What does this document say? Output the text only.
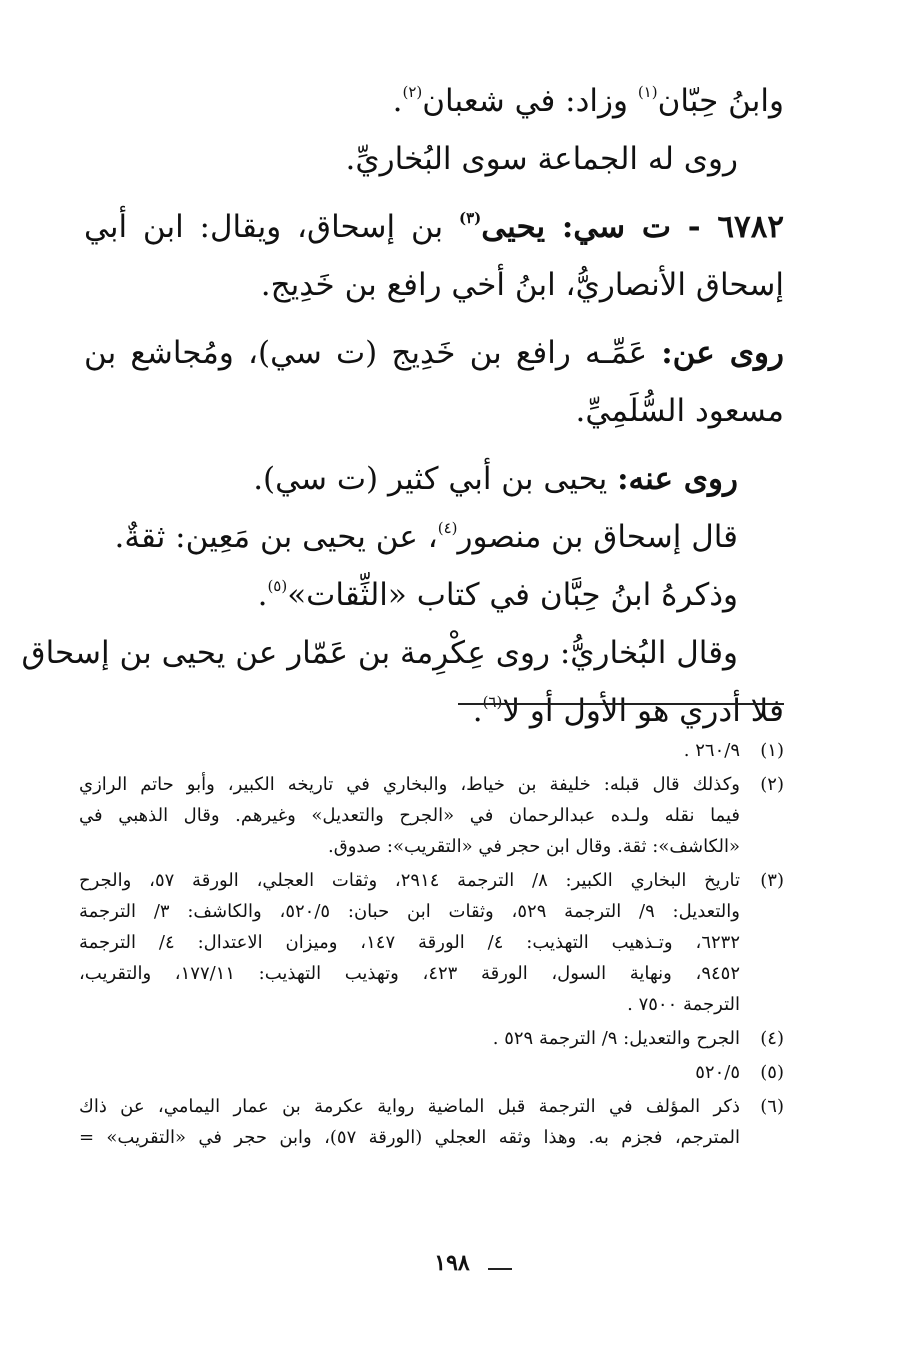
وابنُ حِبّان$^{(١)}$ وزاد: في شعبان$^{(٢)}$.
روى له الجماعة سوى البُخاريِّ.
٦٧٨٢ - ت سي: يحيى$^{(٣)}$ بن إسحاق، ويقال: ابن أبي
إسحاق الأنصاريُّ، ابنُ أخي رافع بن خَدِيج.
روى عن: عَمِّـه رافع بن خَدِيج (ت سي)، ومُجاشع بن
مسعود السُّلَمِيِّ.
روى عنه: يحيى بن أبي كثير (ت سي).
قال إسحاق بن منصور$^{(٤)}$، عن يحيى بن مَعِين: ثقةٌ.
وذكرهُ ابنُ حِبَّان في كتاب «الثِّقات»$^{(٥)}$.
وقال البُخاريُّ: روى عِكْرِمة بن عَمّار عن يحيى بن إسحاق
فلا أدري هو الأول أو لا$^{(٦)}$.
(١)
٢٦٠/٩ .
(٢)
وكذلك قال قبله: خليفة بن خياط، والبخاري في تاريخه الكبير، وأبو حاتم الرازي
فيما نقله ولـده عبدالرحمان في «الجرح والتعديل» وغيرهم. وقال الذهبي في
«الكاشف»: ثقة. وقال ابن حجر في «التقريب»: صدوق.
(٣)
تاريخ البخاري الكبير: ٨/ الترجمة ٢٩١٤، وثقات العجلي، الورقة ٥٧، والجرح
والتعديل: ٩/ الترجمة ٥٢٩، وثقات ابن حبان: ٥٢٠/٥، والكاشف: ٣/ الترجمة
٦٢٣٢، وتـذهيب التهذيب: ٤/ الورقة ١٤٧، وميزان الاعتدال: ٤/ الترجمة
٩٤٥٢، ونهاية السول، الورقة ٤٢٣، وتهذيب التهذيب: ١٧٧/١١، والتقريب،
الترجمة ٧٥٠٠ .
(٤)
الجرح والتعديل: ٩/ الترجمة ٥٢٩ .
(٥)
٥٢٠/٥
(٦)
ذكر المؤلف في الترجمة قبل الماضية رواية عكرمة بن عمار اليمامي، عن ذاك
المترجم، فجزم به. وهذا وثقه العجلي (الورقة ٥٧)، وابن حجر في «التقريب» =
١٩٨
